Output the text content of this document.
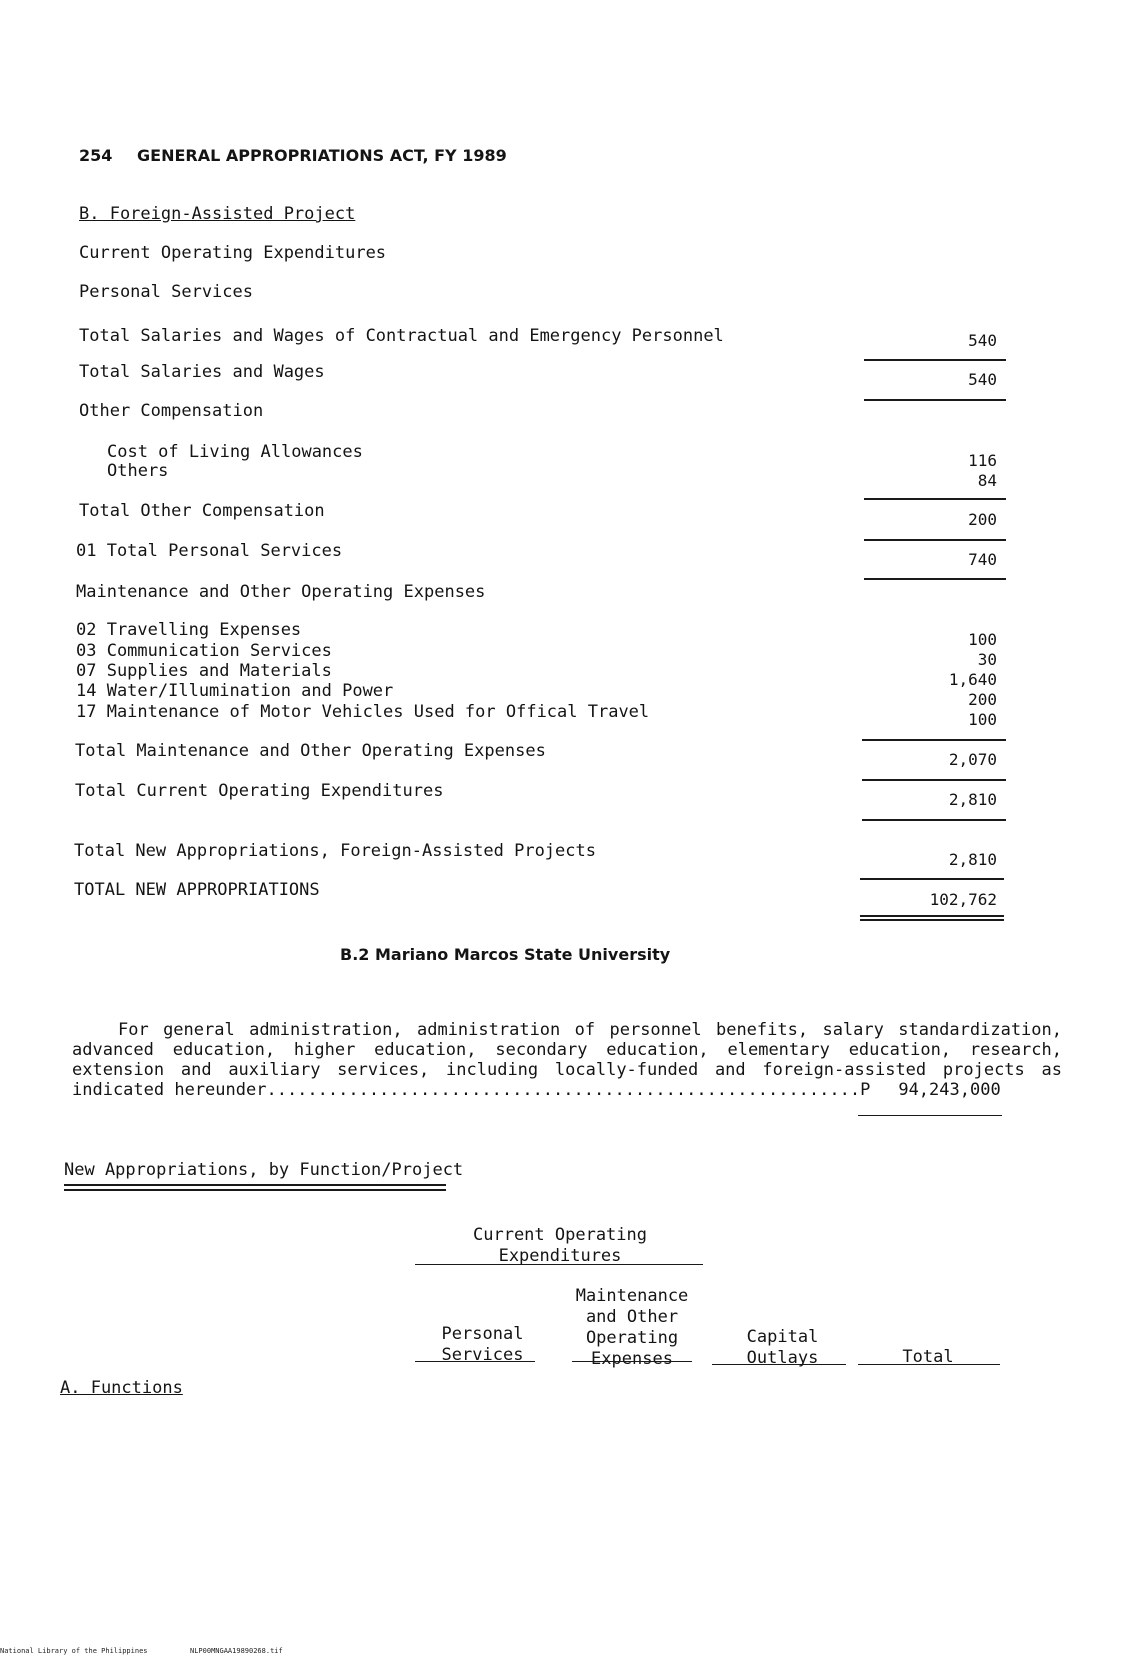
254 GENERAL APPROPRIATIONS ACT, FY 1989
B. Foreign-Assisted Project
Current Operating Expenditures
Personal Services
Total Salaries and Wages of Contractual and Emergency Personnel	540
Total Salaries and Wages	540
Other Compensation
Cost of Living Allowances	116
Others	84
Total Other Compensation	200
01 Total Personal Services	740
Maintenance and Other Operating Expenses
02 Travelling Expenses	100
03 Communication Services	30
07 Supplies and Materials	1,640
14 Water/Illumination and Power	200
17 Maintenance of Motor Vehicles Used for Offical Travel	100
Total Maintenance and Other Operating Expenses	2,070
Total Current Operating Expenditures	2,810
Total New Appropriations, Foreign-Assisted Projects	2,810
TOTAL NEW APPROPRIATIONS	102,762
B.2 Mariano Marcos State University
For general administration, administration of personnel benefits, salary standardization, advanced education, higher education, secondary education, elementary education, research, extension and auxiliary services, including locally-funded and foreign-assisted projects as indicated hereunder..........................................................P 94,243,000
New Appropriations, by Function/Project
Current Operating Expenditures
Personal Services
Maintenance and Other Operating Expenses
Capital Outlays	Total
A. Functions
National Library of the Philippines	NLP00MNGAA19890268.tif
